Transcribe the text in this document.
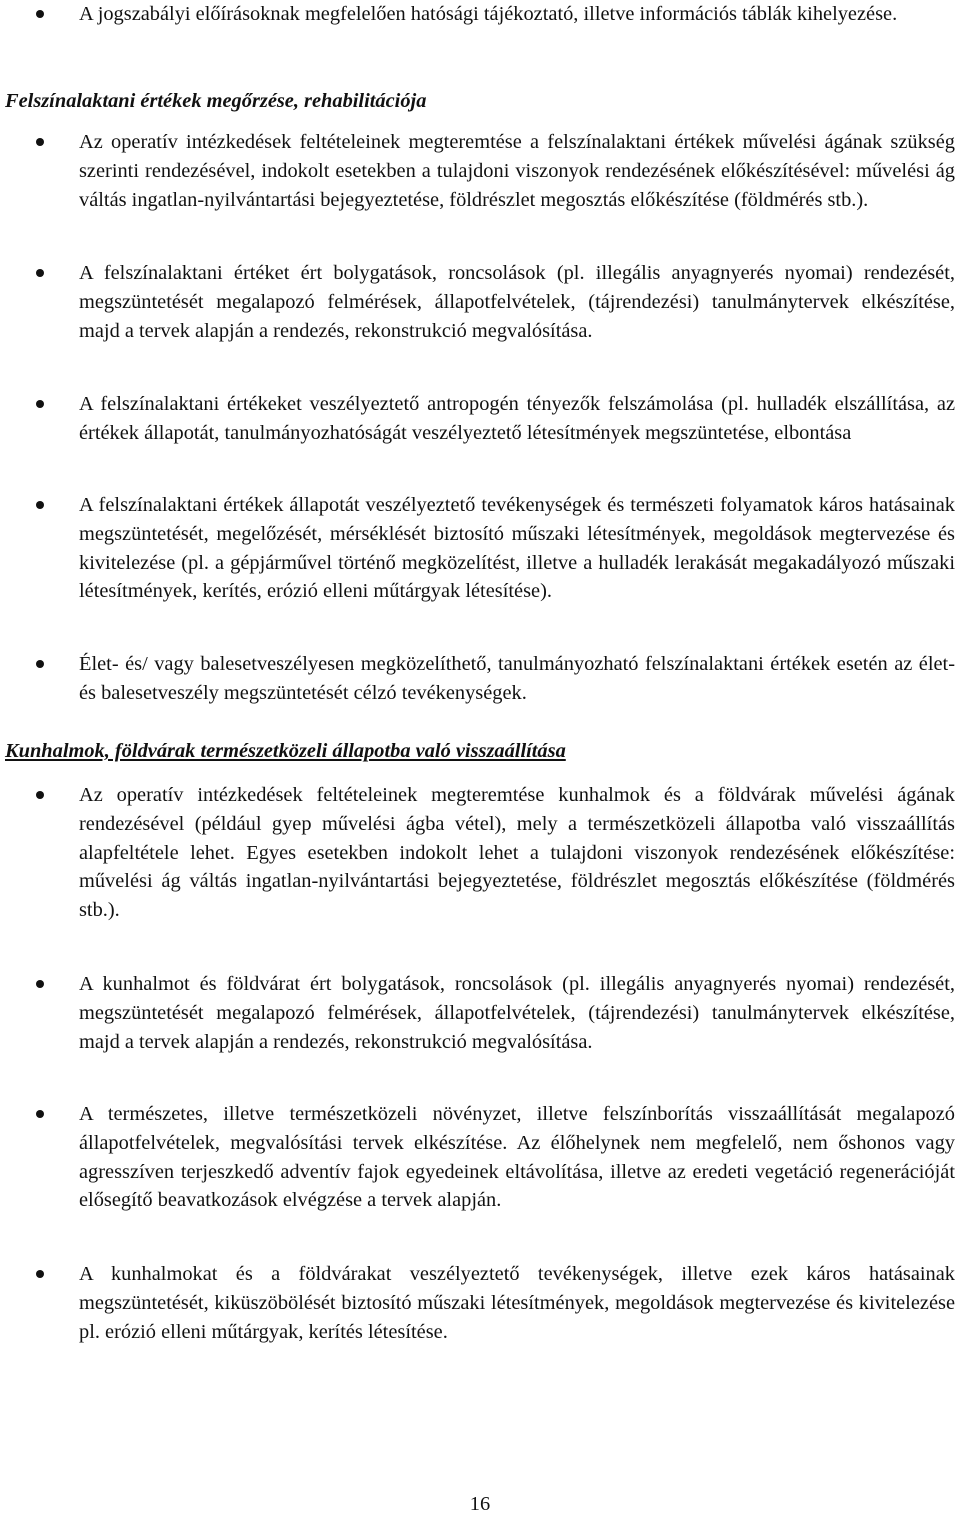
A jogszabályi előírásoknak megfelelően hatósági tájékoztató, illetve információs táblák kihelyezése.
Felszínalaktani értékek megőrzése, rehabilitációja
Az operatív intézkedések feltételeinek megteremtése a felszínalaktani értékek művelési ágának szükség szerinti rendezésével, indokolt esetekben a tulajdoni viszonyok rendezésének előkészítésével: művelési ág váltás ingatlan-nyilvántartási bejegyeztetése, földrészlet megosztás előkészítése (földmérés stb.).
A felszínalaktani értéket ért bolygatások, roncsolások (pl. illegális anyagnyerés nyomai) rendezését, megszüntetését megalapozó felmérések, állapotfelvételek, (tájrendezési) tanulmánytervek elkészítése, majd a tervek alapján a rendezés, rekonstrukció megvalósítása.
A felszínalaktani értékeket veszélyeztető antropogén tényezők felszámolása (pl. hulladék elszállítása, az értékek állapotát, tanulmányozhatóságát veszélyeztető létesítmények megszüntetése, elbontása
A felszínalaktani értékek állapotát veszélyeztető tevékenységek és természeti folyamatok káros hatásainak megszüntetését, megelőzését, mérséklését biztosító műszaki létesítmények, megoldások megtervezése és kivitelezése (pl. a gépjárművel történő megközelítést, illetve a hulladék lerakását megakadályozó műszaki létesítmények, kerítés, erózió elleni műtárgyak létesítése).
Élet- és/ vagy balesetveszélyesen megközelíthető, tanulmányozható felszínalaktani értékek esetén az élet- és balesetveszély megszüntetését célzó tevékenységek.
Kunhalmok, földvárak természetközeli állapotba való visszaállítása
Az operatív intézkedések feltételeinek megteremtése kunhalmok és a földvárak művelési ágának rendezésével (például gyep művelési ágba vétel), mely a természetközeli állapotba való visszaállítás alapfeltétele lehet. Egyes esetekben indokolt lehet a tulajdoni viszonyok rendezésének előkészítése: művelési ág váltás ingatlan-nyilvántartási bejegyeztetése, földrészlet megosztás előkészítése (földmérés stb.).
A kunhalmot és földvárat ért bolygatások, roncsolások (pl. illegális anyagnyerés nyomai) rendezését, megszüntetését megalapozó felmérések, állapotfelvételek, (tájrendezési) tanulmánytervek elkészítése, majd a tervek alapján a rendezés, rekonstrukció megvalósítása.
A természetes, illetve természetközeli növényzet, illetve felszínborítás visszaállítását megalapozó állapotfelvételek, megvalósítási tervek elkészítése. Az élőhelynek nem megfelelő, nem őshonos vagy agresszíven terjeszkedő adventív fajok egyedeinek eltávolítása, illetve az eredeti vegetáció regenerációját elősegítő beavatkozások elvégzése a tervek alapján.
A kunhalmokat és a földvárakat veszélyeztető tevékenységek, illetve ezek káros hatásainak megszüntetését, kiküszöbölését biztosító műszaki létesítmények, megoldások megtervezése és kivitelezése pl. erózió elleni műtárgyak, kerítés létesítése.
16
